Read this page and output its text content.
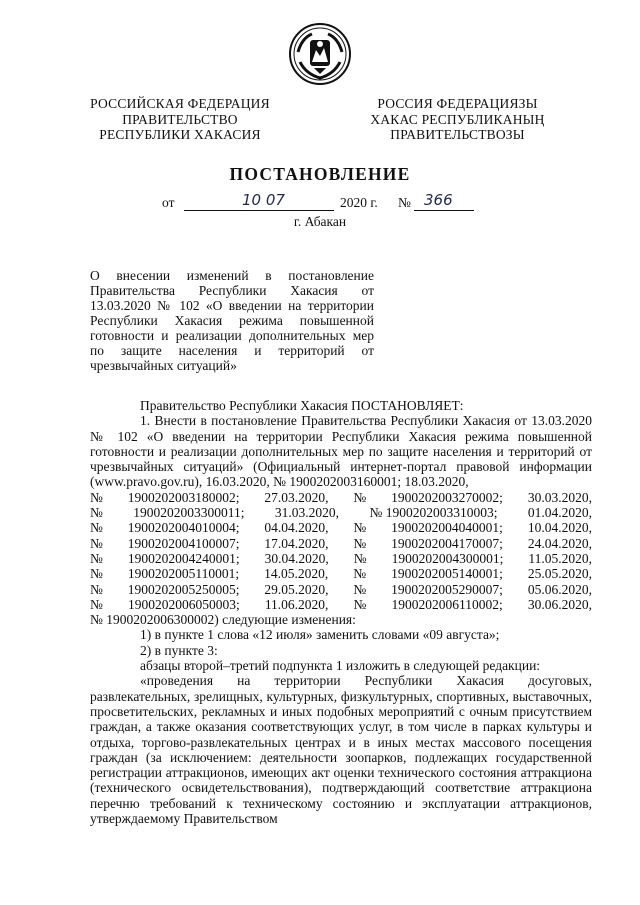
РОССИЙСКАЯ ФЕДЕРАЦИЯ
ПРАВИТЕЛЬСТВО
РЕСПУБЛИКИ ХАКАСИЯ
РОССИЯ ФЕДЕРАЦИЯЗЫ
ХАКАС РЕСПУБЛИКАНЫҢ
ПРАВИТЕЛЬСТВОЗЫ
ПОСТАНОВЛЕНИЕ
от	10 07	2020 г. № 366
г. Абакан
О внесении изменений в постановление Правительства Республики Хакасия от 13.03.2020 № 102 «О введении на территории Республики Хакасия режима повышенной готовности и реализации дополнительных мер по защите населения и территорий от чрезвычайных ситуаций»

Правительство Республики Хакасия ПОСТАНОВЛЯЕТ:

1. Внести в постановление Правительства Республики Хакасия от 13.03.2020 № 102 «О введении на территории Республики Хакасия режима повышенной готовности и реализации дополнительных мер по защите населения и территорий от чрезвычайных ситуаций» (Официальный интернет-портал правовой информации (www.pravo.gov.ru), 16.03.2020, № 1900202003160001; 18.03.2020,

№ 1900202003180002; 27.03.2020, № 1900202003270002; 30.03.2020,
№ 1900202003300011; 31.03.2020, № 1900202003310003; 01.04.2020,
№ 1900202004010004; 04.04.2020, № 1900202004040001; 10.04.2020,
№ 1900202004100007; 17.04.2020, № 1900202004170007; 24.04.2020,
№ 1900202004240001; 30.04.2020, № 1900202004300001; 11.05.2020,
№ 1900202005110001; 14.05.2020, № 1900202005140001; 25.05.2020,
№ 1900202005250005; 29.05.2020, № 1900202005290007; 05.06.2020,
№ 1900202006050003; 11.06.2020, № 1900202006110002; 30.06.2020,

№ 1900202006300002) следующие изменения:

1) в пункте 1 слова «12 июля» заменить словами «09 августа»;

2) в пункте 3:

абзацы второй–третий подпункта 1 изложить в следующей редакции:

«проведения на территории Республики Хакасия досуговых, развлекательных, зрелищных, культурных, физкультурных, спортивных, выставочных, просветительских, рекламных и иных подобных мероприятий с очным присутствием граждан, а также оказания соответствующих услуг, в том числе в парках культуры и отдыха, торгово-развлекательных центрах и в иных местах массового посещения граждан (за исключением: деятельности зоопарков, подлежащих государственной регистрации аттракционов, имеющих акт оценки технического состояния аттракциона (технического освидетельствования), подтверждающий соответствие аттракциона перечню требований к техническому состоянию и эксплуатации аттракционов, утверждаемому Правительством
